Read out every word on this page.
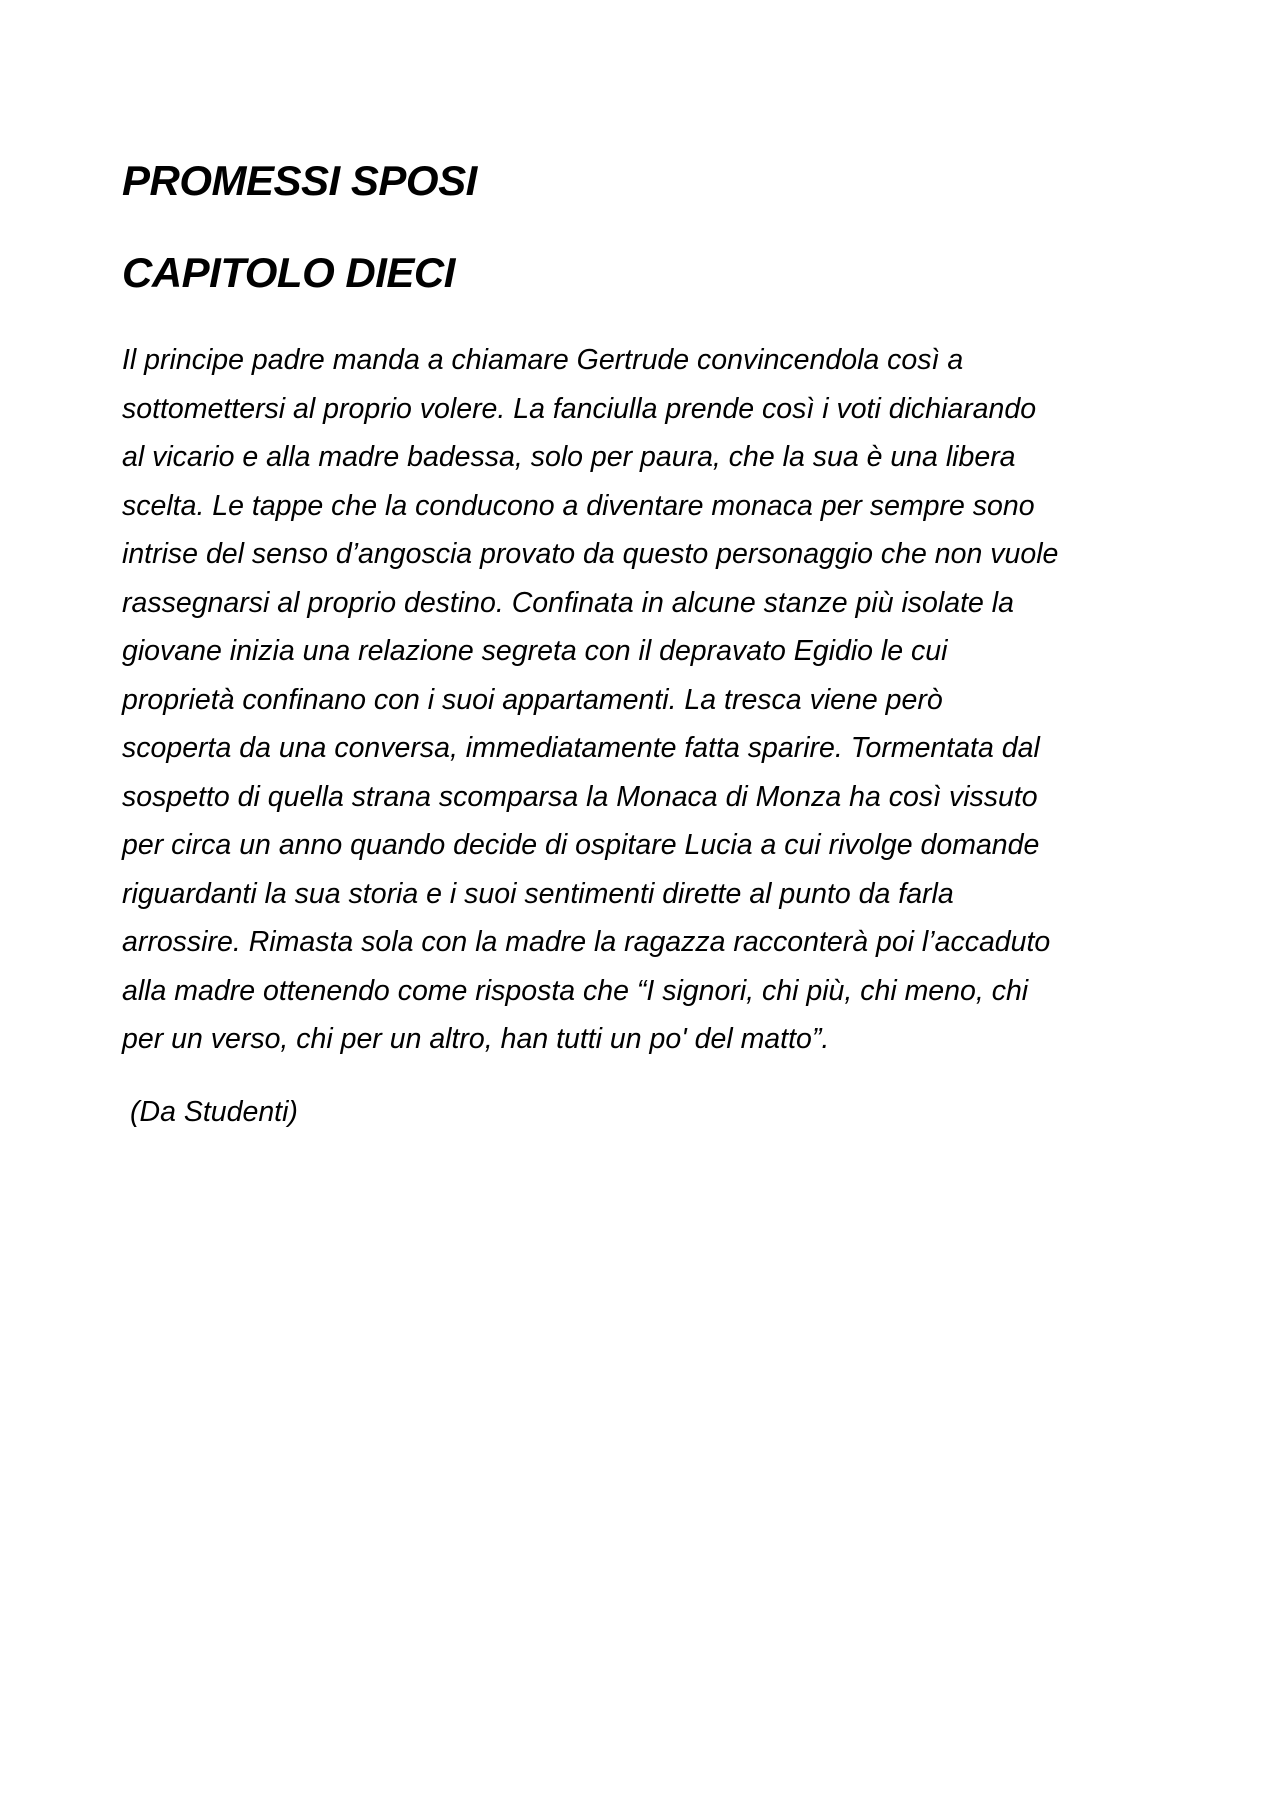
PROMESSI SPOSI
CAPITOLO DIECI

Il principe padre manda a chiamare Gertrude convincendola così a
sottomettersi al proprio volere. La fanciulla prende così i voti dichiarando
al vicario e alla madre badessa, solo per paura, che la sua è una libera
scelta. Le tappe che la conducono a diventare monaca per sempre sono
intrise del senso d’angoscia provato da questo personaggio che non vuole
rassegnarsi al proprio destino. Confinata in alcune stanze più isolate la
giovane inizia una relazione segreta con il depravato Egidio le cui
proprietà confinano con i suoi appartamenti. La tresca viene però
scoperta da una conversa, immediatamente fatta sparire. Tormentata dal
sospetto di quella strana scomparsa la Monaca di Monza ha così vissuto
per circa un anno quando decide di ospitare Lucia a cui rivolge domande
riguardanti la sua storia e i suoi sentimenti dirette al punto da farla
arrossire. Rimasta sola con la madre la ragazza racconterà poi l’accaduto
alla madre ottenendo come risposta che “I signori, chi più, chi meno, chi
per un verso, chi per un altro, han tutti un po' del matto”.

(Da Studenti)
